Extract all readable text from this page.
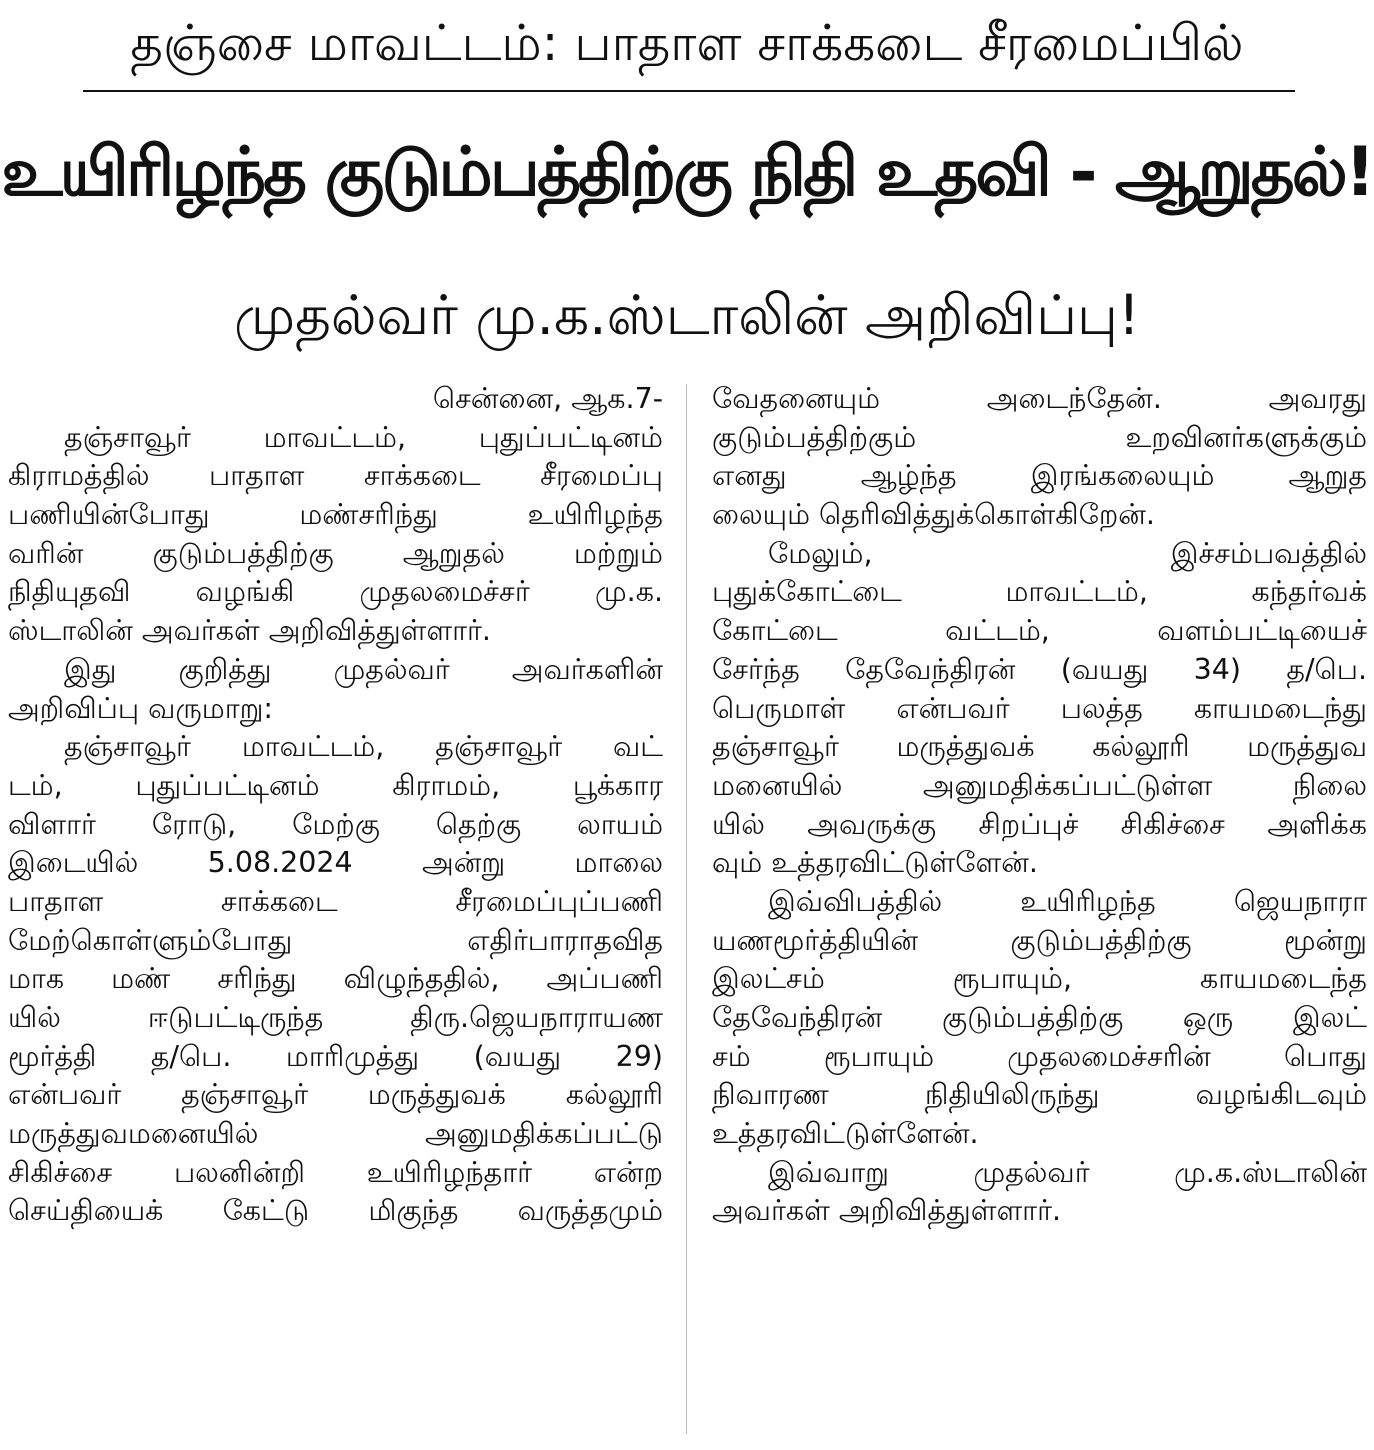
தஞ்சை மாவட்டம்: பாதாள சாக்கடை சீரமைப்பில்
உயிரிழந்த குடும்பத்திற்கு நிதி உதவி - ஆறுதல்!
முதல்வர் மு.க.ஸ்டாலின் அறிவிப்பு!
சென்னை, ஆக.7-
தஞ்சாவூர் மாவட்டம், புதுப்பட்டினம்
கிராமத்தில் பாதாள சாக்கடை சீரமைப்பு
பணியின்போது மண்சரிந்து உயிரிழந்த
வரின் குடும்பத்திற்கு ஆறுதல் மற்றும்
நிதியுதவி வழங்கி முதலமைச்சர் மு.க.
ஸ்டாலின் அவர்கள் அறிவித்துள்ளார்.
இது குறித்து முதல்வர் அவர்களின்
அறிவிப்பு வருமாறு:
தஞ்சாவூர் மாவட்டம், தஞ்சாவூர் வட்
டம், புதுப்பட்டினம் கிராமம், பூக்கார
விளார் ரோடு, மேற்கு தெற்கு லாயம்
இடையில் 5.08.2024 அன்று மாலை
பாதாள சாக்கடை சீரமைப்புப்பணி
மேற்கொள்ளும்போது எதிர்பாராதவித
மாக மண் சரிந்து விழுந்ததில், அப்பணி
யில் ஈடுபட்டிருந்த திரு.ஜெயநாராயண
மூர்த்தி த/பெ. மாரிமுத்து (வயது 29)
என்பவர் தஞ்சாவூர் மருத்துவக் கல்லூரி
மருத்துவமனையில் அனுமதிக்கப்பட்டு
சிகிச்சை பலனின்றி உயிரிழந்தார் என்ற
செய்தியைக் கேட்டு மிகுந்த வருத்தமும்
வேதனையும் அடைந்தேன். அவரது
குடும்பத்திற்கும் உறவினர்களுக்கும்
எனது ஆழ்ந்த இரங்கலையும் ஆறுத
லையும் தெரிவித்துக்கொள்கிறேன்.
மேலும், இச்சம்பவத்தில்
புதுக்கோட்டை மாவட்டம், கந்தர்வக்
கோட்டை வட்டம், வளம்பட்டியைச்
சேர்ந்த தேவேந்திரன் (வயது 34) த/பெ.
பெருமாள் என்பவர் பலத்த காயமடைந்து
தஞ்சாவூர் மருத்துவக் கல்லூரி மருத்துவ
மனையில் அனுமதிக்கப்பட்டுள்ள நிலை
யில் அவருக்கு சிறப்புச் சிகிச்சை அளிக்க
வும் உத்தரவிட்டுள்ளேன்.
இவ்விபத்தில் உயிரிழந்த ஜெயநாரா
யணமூர்த்தியின் குடும்பத்திற்கு மூன்று
இலட்சம் ரூபாயும், காயமடைந்த
தேவேந்திரன் குடும்பத்திற்கு ஒரு இலட்
சம் ரூபாயும் முதலமைச்சரின் பொது
நிவாரண நிதியிலிருந்து வழங்கிடவும்
உத்தரவிட்டுள்ளேன்.
இவ்வாறு முதல்வர் மு.க.ஸ்டாலின்
அவர்கள் அறிவித்துள்ளார்.
